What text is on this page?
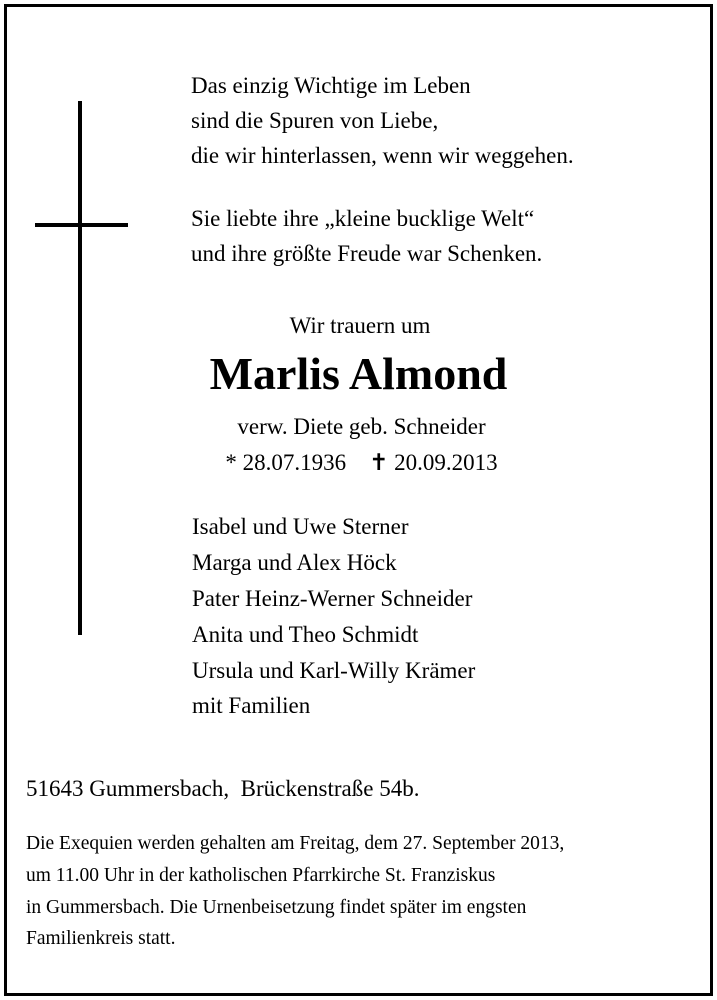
Das einzig Wichtige im Leben
sind die Spuren von Liebe,
die wir hinterlassen, wenn wir weggehen.
Sie liebte ihre „kleine bucklige Welt“
und ihre größte Freude war Schenken.
Wir trauern um
Marlis Almond
verw. Diete geb. Schneider
* 28.07.1936    ✝ 20.09.2013
Isabel und Uwe Sterner
Marga und Alex Höck
Pater Heinz-Werner Schneider
Anita und Theo Schmidt
Ursula und Karl-Willy Krämer
mit Familien
51643 Gummersbach,  Brückenstraße 54b.
Die Exequien werden gehalten am Freitag, dem 27. September 2013,
um 11.00 Uhr in der katholischen Pfarrkirche St. Franziskus
in Gummersbach. Die Urnenbeisetzung findet später im engsten
Familienkreis statt.
